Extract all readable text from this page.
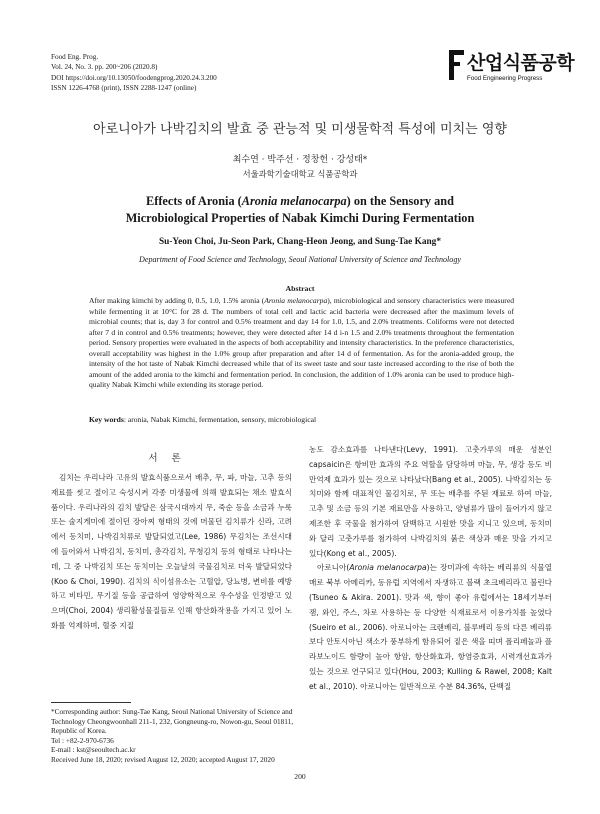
Food Eng. Prog.
Vol. 24, No. 3. pp. 200~206 (2020.8)
DOI https://doi.org/10.13050/foodengprog.2020.24.3.200
ISSN 1226-4768 (print), ISSN 2288-1247 (online)
산업식품공학
Food Engineering Progress
아로니아가 나박김치의 발효 중 관능적 및 미생물학적 특성에 미치는 영향
최수연 · 박주선 · 정창헌 · 강성태*
서울과학기술대학교 식품공학과
Effects of Aronia (Aronia melanocarpa) on the Sensory and
Microbiological Properties of Nabak Kimchi During Fermentation
Su-Yeon Choi, Ju-Seon Park, Chang-Heon Jeong, and Sung-Tae Kang*
Department of Food Science and Technology, Seoul National University of Science and Technology
Abstract
After making kimchi by adding 0, 0.5, 1.0, 1.5% aronia (Aronia melanocarpa), microbiological and sensory characteristics were measured while fermenting it at 10°C for 28 d. The numbers of total cell and lactic acid bacteria were decreased after the maximum levels of microbial counts; that is, day 3 for control and 0.5% treatment and day 14 for 1.0, 1.5, and 2.0% treatments. Coliforms were not detected after 7 d in control and 0.5% treatments; however, they were detected after 14 d i-n 1.5 and 2.0% treatments throughout the fermentation period. Sensory properties were evaluated in the aspects of both acceptability and intensity characteristics. In the preference characteristics, overall acceptability was highest in the 1.0% group after preparation and after 14 d of fermentation. As for the aronia-added group, the intensity of the hot taste of Nabak Kimchi decreased while that of its sweet taste and sour taste increased according to the rise of both the amount of the added aronia to the kimchi and fermentation period. In conclusion, the addition of 1.0% aronia can be used to produce high-quality Nabak Kimchi while extending its storage period.
Key words: aronia, Nabak Kimchi, fermentation, sensory, microbiological
서론

김치는 우리나라 고유의 발효식품으로서 배추, 무, 파, 마늘, 고추 등의 재료를 씻고 절이고 숙성시켜 각종 미생물에 의해 발효되는 채소 발효식품이다. 우리나라의 김치 발달은 삼국시대까지 무, 죽순 등을 소금과 누룩 또는 술지게미에 절이던 장아찌 형태의 것에 머물던 김치류가 신라, 고려에서 동치미, 나박김치류로 발달되었고(Lee, 1986) 무김치는 조선시대에 들어와서 나박김치, 동치미, 총각김치, 무청김치 등의 형태로 나타나는데, 그 중 나박김치 또는 동치미는 오늘날의 국물김치로 더욱 발달되었다(Koo & Choi, 1990). 김치의 식이섬유소는 고혈압, 당뇨병, 변비를 예방하고 비타민, 무기질 등을 공급하여 영양학적으로 우수성을 인정받고 있으며(Choi, 2004) 생리활성물질들로 인해 항산화작용을 가지고 있어 노화를 억제하며, 혈중 지질

농도 감소효과를 나타낸다(Levy, 1991). 고춧가루의 매운 성분인 capsaicin은 항비만 효과의 주요 역할을 담당하며 마늘, 무, 생강 등도 비만억제 효과가 있는 것으로 나타났다(Bang et al., 2005). 나박김치는 동치미와 함께 대표적인 물김치로, 무 또는 배추를 주된 재료로 하여 마늘, 고추 및 소금 등의 기본 재료만을 사용하고, 양념류가 많이 들어가지 않고 제조한 후 국물을 첨가하여 담백하고 시원한 맛을 지니고 있으며, 동치미와 달리 고춧가루를 첨가하여 나박김치의 붉은 색상과 매운 맛을 가지고 있다(Kong et al., 2005).

아로니아(Aronia melanocarpa)는 장미과에 속하는 베리류의 식물열매로 북부 아메리카, 동유럽 지역에서 자생하고 블랙 초크베리라고 불린다(Tsuneo & Akira. 2001). 맛과 색, 향이 좋아 유럽에서는 18세기부터 잼, 와인, 주스, 차로 사용하는 등 다양한 식재료로서 이용가치를 높였다(Sueiro et al., 2006). 아로니아는 크랜베리, 블루베리 등의 다른 베리류 보다 안토시아닌 색소가 풍부하게 함유되어 짙은 색을 띠며 폴리페놀과 플라보노이드 함량이 높아 항암, 항산화효과, 항염증효과, 시력개선효과가 있는 것으로 연구되고 있다(Hou, 2003; Kulling & Rawel, 2008; Kalt et al., 2010). 아로니아는 일반적으로 수분 84.36%, 단백질

*Corresponding author: Sung-Tae Kang, Seoul National University of Science and Technology Cheongwoonhall 211-1, 232, Gongneung-ro, Nowon-gu, Seoul 01811, Republic of Korea.
Tel : +82-2-970-6736
E-mail : kst@seoultech.ac.kr
Received June 18, 2020; revised August 12, 2020; accepted August 17, 2020
200
